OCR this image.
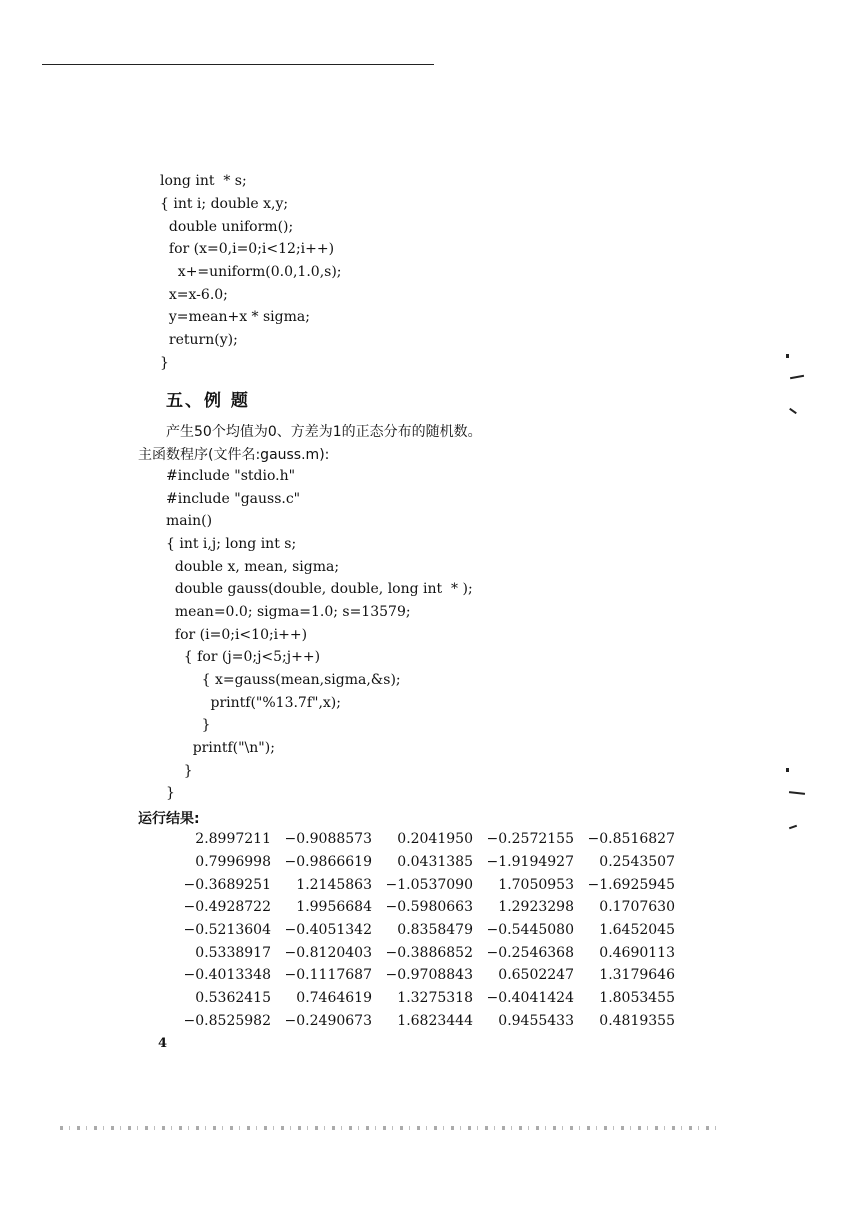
long int  * s;
{ int i; double x,y;
double uniform();
for (x=0,i=0;i<12;i++)
x+=uniform(0.0,1.0,s);
x=x-6.0;
y=mean+x * sigma;
return(y);
}
五、例 题
产生50个均值为0、方差为1的正态分布的随机数。
主函数程序(文件名:gauss.m):
#include "stdio.h"
#include "gauss.c"
main()
{ int i,j; long int s;
double x, mean, sigma;
double gauss(double, double, long int  * );
mean=0.0; sigma=1.0; s=13579;
for (i=0;i<10;i++)
{ for (j=0;j<5;j++)
{ x=gauss(mean,sigma,&s);
printf("%13.7f",x);
}
printf("\n");
}
}
运行结果:
2.8997211	−0.9088573	0.2041950	−0.2572155	−0.8516827
0.7996998	−0.9866619	0.0431385	−1.9194927	0.2543507
−0.3689251	1.2145863	−1.0537090	1.7050953	−1.6925945
−0.4928722	1.9956684	−0.5980663	1.2923298	0.1707630
−0.5213604	−0.4051342	0.8358479	−0.5445080	1.6452045
0.5338917	−0.8120403	−0.3886852	−0.2546368	0.4690113
−0.4013348	−0.1117687	−0.9708843	0.6502247	1.3179646
0.5362415	0.7464619	1.3275318	−0.4041424	1.8053455
−0.8525982	−0.2490673	1.6823444	0.9455433	0.4819355
4
